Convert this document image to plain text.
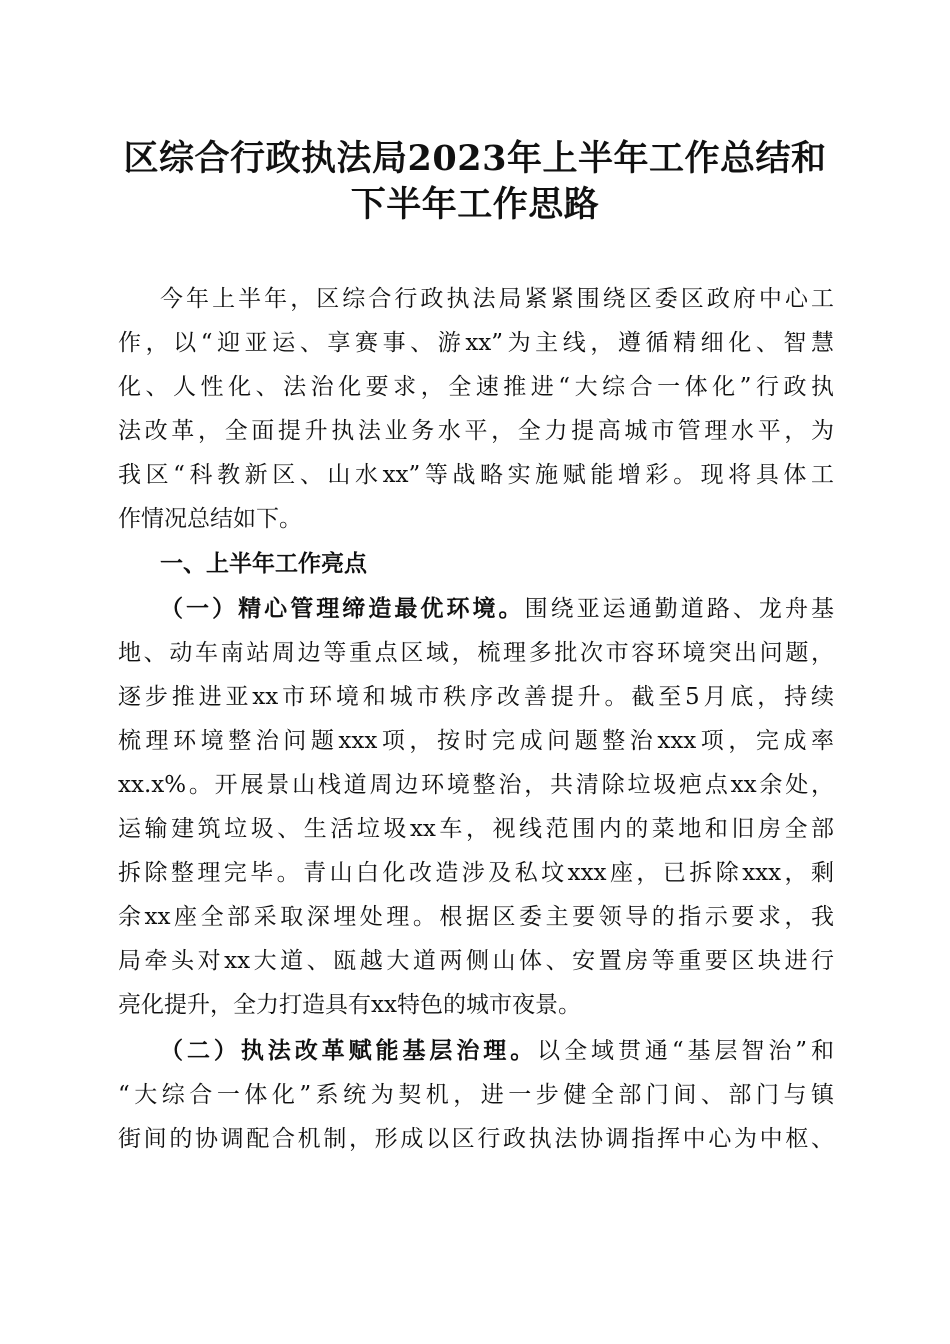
区综合行政执法局2023年上半年工作总结和
下半年工作思路
今年上半年，区综合行政执法局紧紧围绕区委区政府中心工
作，以“迎亚运、享赛事、游xx”为主线，遵循精细化、智慧
化、人性化、法治化要求，全速推进“大综合一体化”行政执
法改革，全面提升执法业务水平，全力提高城市管理水平，为
我区“科教新区、山水xx”等战略实施赋能增彩。现将具体工
作情况总结如下。
一、上半年工作亮点
（一）精心管理缔造最优环境。围绕亚运通勤道路、龙舟基
地、动车南站周边等重点区域，梳理多批次市容环境突出问题，
逐步推进亚xx市环境和城市秩序改善提升。截至5月底，持续
梳理环境整治问题xxx项，按时完成问题整治xxx项，完成率
xx.x%。开展景山栈道周边环境整治，共清除垃圾疤点xx余处，
运输建筑垃圾、生活垃圾xx车，视线范围内的菜地和旧房全部
拆除整理完毕。青山白化改造涉及私坟xxx座，已拆除xxx，剩
余xx座全部采取深埋处理。根据区委主要领导的指示要求，我
局牵头对xx大道、瓯越大道两侧山体、安置房等重要区块进行
亮化提升，全力打造具有xx特色的城市夜景。
（二）执法改革赋能基层治理。以全域贯通“基层智治”和
“大综合一体化”系统为契机，进一步健全部门间、部门与镇
街间的协调配合机制，形成以区行政执法协调指挥中心为中枢、
